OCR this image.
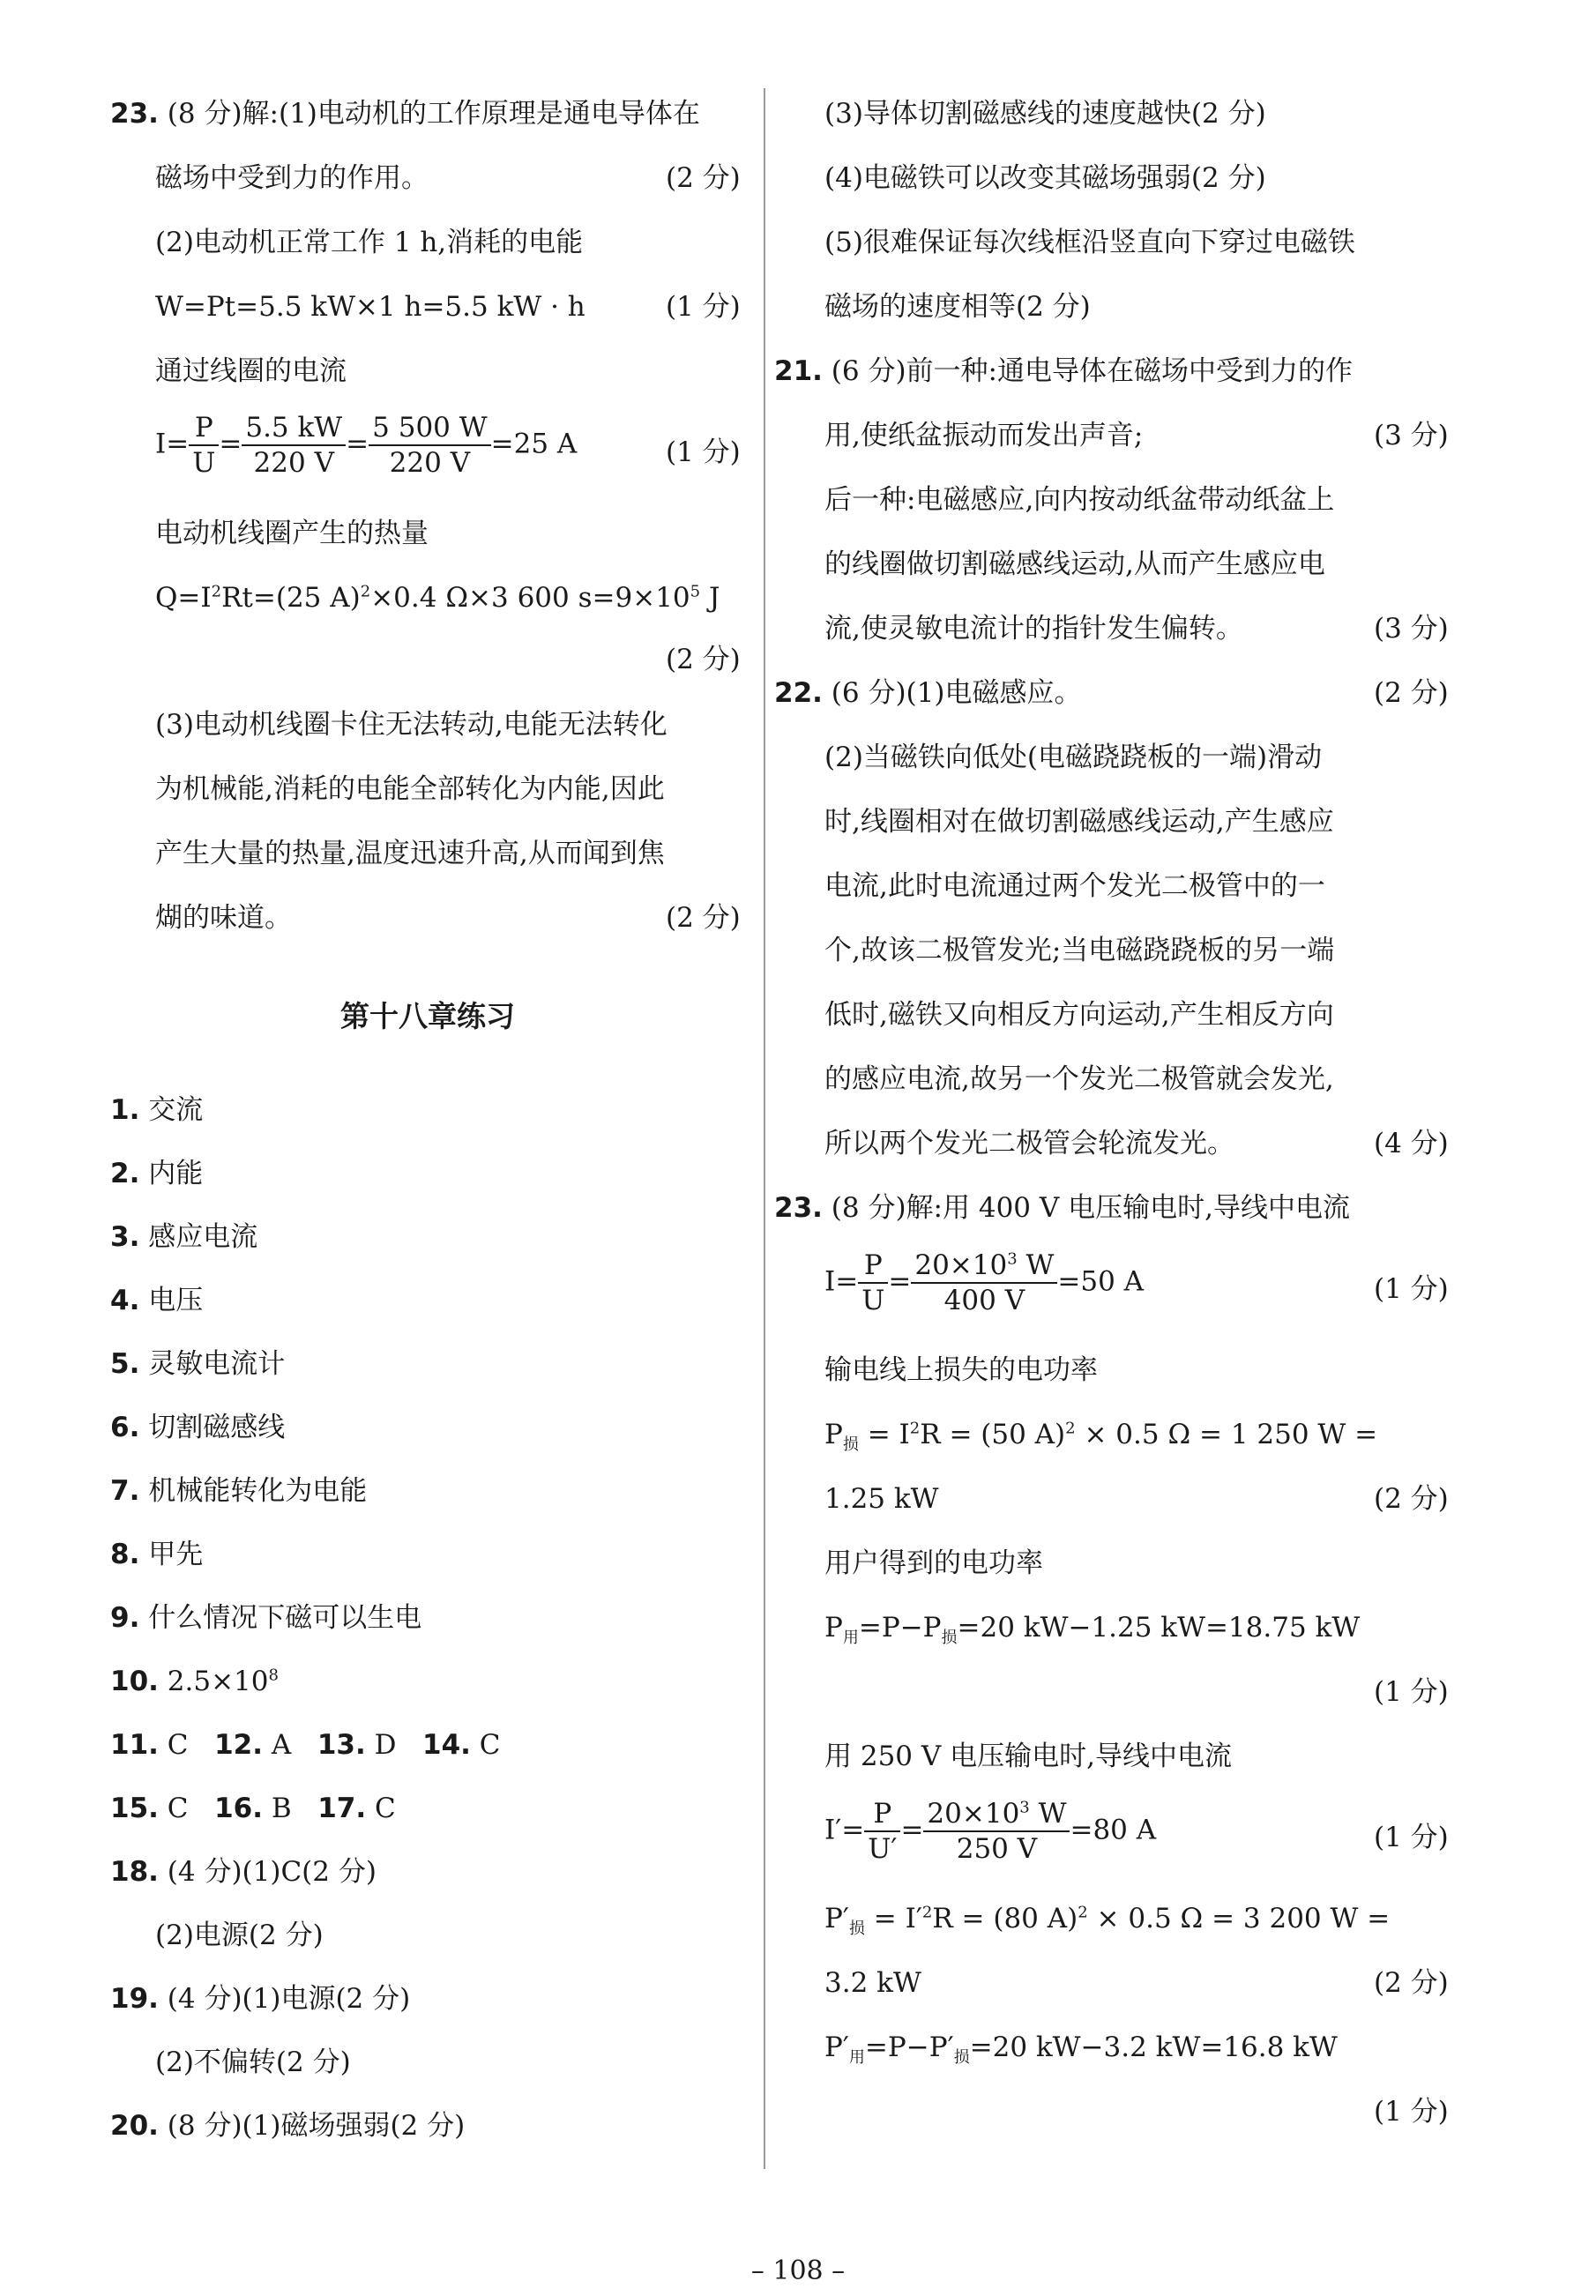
23. (8 分)解:(1)电动机的工作原理是通电导体在
磁场中受到力的作用。	(2 分)
(2)电动机正常工作 1 h,消耗的电能
W=Pt=5.5 kW×1 h=5.5 kW · h	(1 分)
通过线圈的电流
$I= \frac{P}{U} = \frac{5.5 kW}{220 V} = \frac{5 500 W}{220 V} =25$ A	(1 分)
电动机线圈产生的热量
$Q=I^2Rt=(25$ A)$^2$×0.4 Ω×3 600 $s=9\times 10^5$ J
(2 分)
(3)电动机线圈卡住无法转动,电能无法转化
为机械能,消耗的电能全部转化为内能,因此
产生大量的热量,温度迅速升高,从而闻到焦
煳的味道。	(2 分)
第十八章练习
1. 交流
2. 内能
3. 感应电流
4. 电压
5. 灵敏电流计
6. 切割磁感线
7. 机械能转化为电能
8. 甲先
9. 什么情况下磁可以生电
10. $2.5\times 10^8$
11. C 12. A 13. D 14. C
15. C 16. B 17. C
18. (4 分)(1)C(2 分)
(2)电源(2 分)
19. (4 分)(1)电源(2 分)
(2)不偏转(2 分)
20. (8 分)(1)磁场强弱(2 分)
(3)导体切割磁感线的速度越快(2 分)
(4)电磁铁可以改变其磁场强弱(2 分)
(5)很难保证每次线框沿竖直向下穿过电磁铁
磁场的速度相等(2 分)
21. (6 分)前一种:通电导体在磁场中受到力的作
用,使纸盆振动而发出声音;	(3 分)
后一种:电磁感应,向内按动纸盆带动纸盆上
的线圈做切割磁感线运动,从而产生感应电
流,使灵敏电流计的指针发生偏转。	(3 分)
22. (6 分)(1)电磁感应。	(2 分)
(2)当磁铁向低处(电磁跷跷板的一端)滑动
时,线圈相对在做切割磁感线运动,产生感应
电流,此时电流通过两个发光二极管中的一
个,故该二极管发光;当电磁跷跷板的另一端
低时,磁铁又向相反方向运动,产生相反方向
的感应电流,故另一个发光二极管就会发光,
所以两个发光二极管会轮流发光。	(4 分)
23. (8 分)解:用 400 V 电压输电时,导线中电流
$I= \frac{P}{U} = \frac{20\times 10^3 W}{400 V} =50$ A	(1 分)
输电线上损失的电功率
$P_损 = I^2R = (50$ A)$^2$ × 0.5 Ω = 1 250 W =
1.25 kW	(2 分)
用户得到的电功率
$P_用=P-P_损=20$ kW−1.25 kW=18.75 kW
(1 分)
用 250 V 电压输电时,导线中电流
$I'= \frac{P}{U'} = \frac{20\times 10^3 W}{250 V} =80$ A	(1 分)
$P'_损 = I'^2R = (80$ A)$^2$ × 0.5 Ω = 3 200 W =
3.2 kW	(2 分)
$P'_用=P-P'_损=20$ kW−3.2 kW=16.8 kW
(1 分)
– 108 –
